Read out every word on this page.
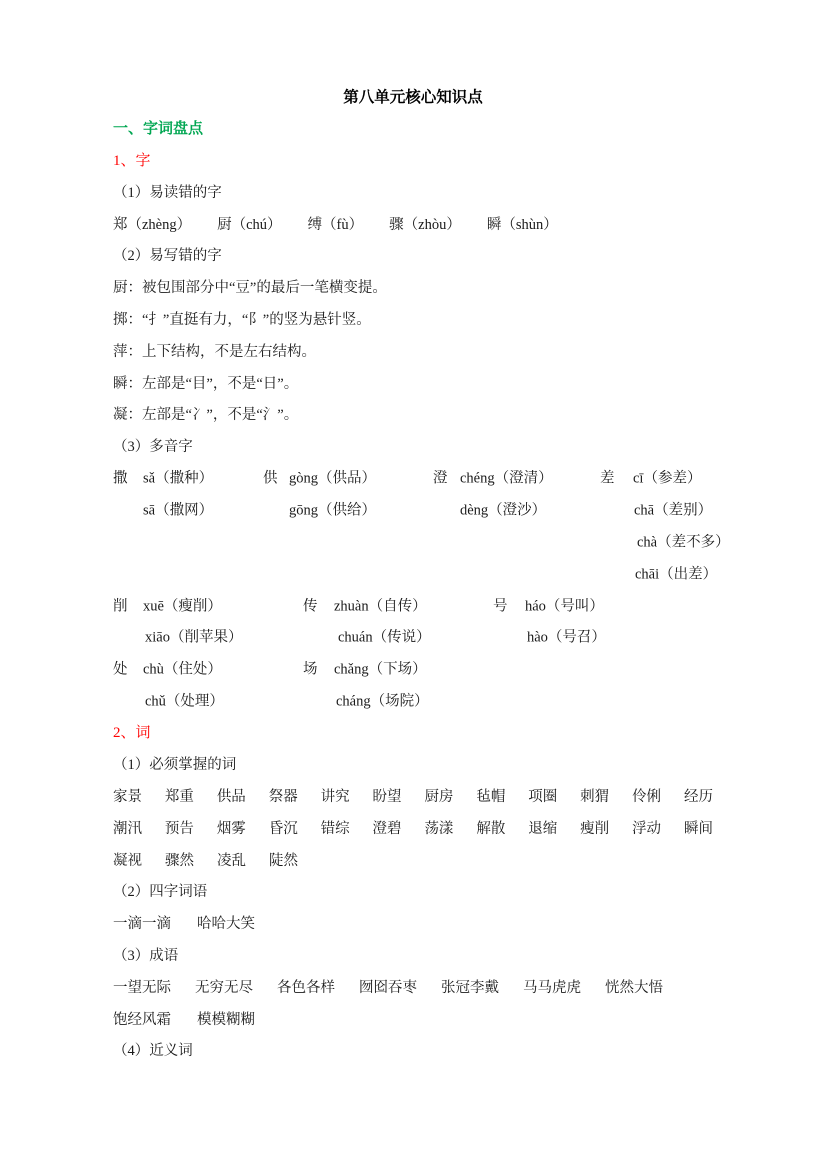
第八单元核心知识点
一、字词盘点
1、字
（1）易读错的字
郑（zhèng） 厨（chú） 缚（fù） 骤（zhòu） 瞬（shùn）
（2）易写错的字
厨：被包围部分中“豆”的最后一笔横变提。
掷：“扌”直挺有力，“阝”的竖为悬针竖。
萍：上下结构，不是左右结构。
瞬：左部是“目”，不是“日”。
凝：左部是“冫”，不是“氵”。
（3）多音字
撒 sǎ（撒种）	供 gòng（供品）	澄 chéng（澄清）	差 cī（参差）
sā（撒网）	gōng（供给）	dèng（澄沙）	chā（差别）
chà（差不多）
chāi（出差）
削 xuē（瘦削）	传 zhuàn（自传）	号 háo（号叫）
xiāo（削苹果）	chuán（传说）	hào（号召）
处 chù（住处）	场 chǎng（下场）
chǔ（处理）	cháng（场院）
2、词
（1）必须掌握的词
家景 郑重 供品 祭器 讲究 盼望 厨房 毡帽 项圈 刺猬 伶俐 经历
潮汛 预告 烟雾 昏沉 错综 澄碧 荡漾 解散 退缩 瘦削 浮动 瞬间
凝视 骤然 凌乱 陡然
（2）四字词语
一滴一滴 哈哈大笑
（3）成语
一望无际 无穷无尽 各色各样 囫囵吞枣 张冠李戴 马马虎虎 恍然大悟
饱经风霜 模模糊糊
（4）近义词
